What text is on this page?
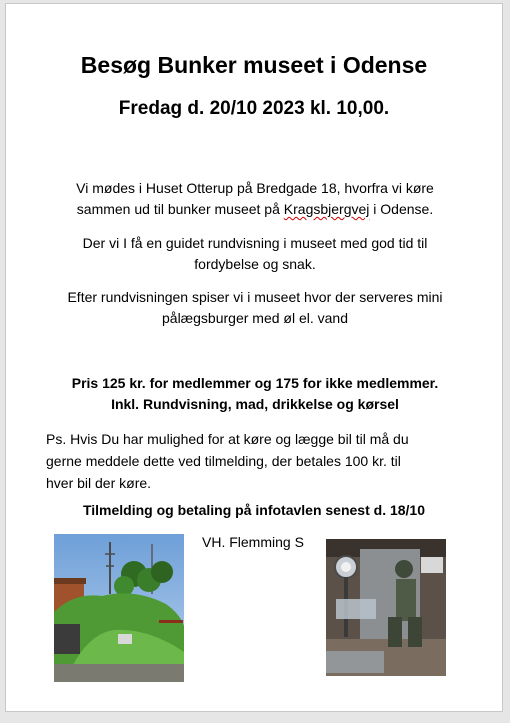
Besøg Bunker museet i Odense
Fredag d. 20/10 2023 kl. 10,00.
Vi mødes i Huset Otterup på Bredgade 18, hvorfra vi køre
sammen ud til bunker museet på Kragsbjergvej i Odense.
Der vi I få en guidet rundvisning i museet med god tid til
fordybelse og snak.
Efter rundvisningen spiser vi i museet hvor der serveres mini
pålægsburger med øl el. vand
Pris 125 kr. for medlemmer og 175 for ikke medlemmer.
Inkl. Rundvisning, mad, drikkelse og kørsel
Ps. Hvis Du har mulighed for at køre og lægge bil til må du
gerne meddele dette ved tilmelding, der betales 100 kr. til
hver bil der køre.
Tilmelding og betaling på infotavlen senest d. 18/10
VH. Flemming S
